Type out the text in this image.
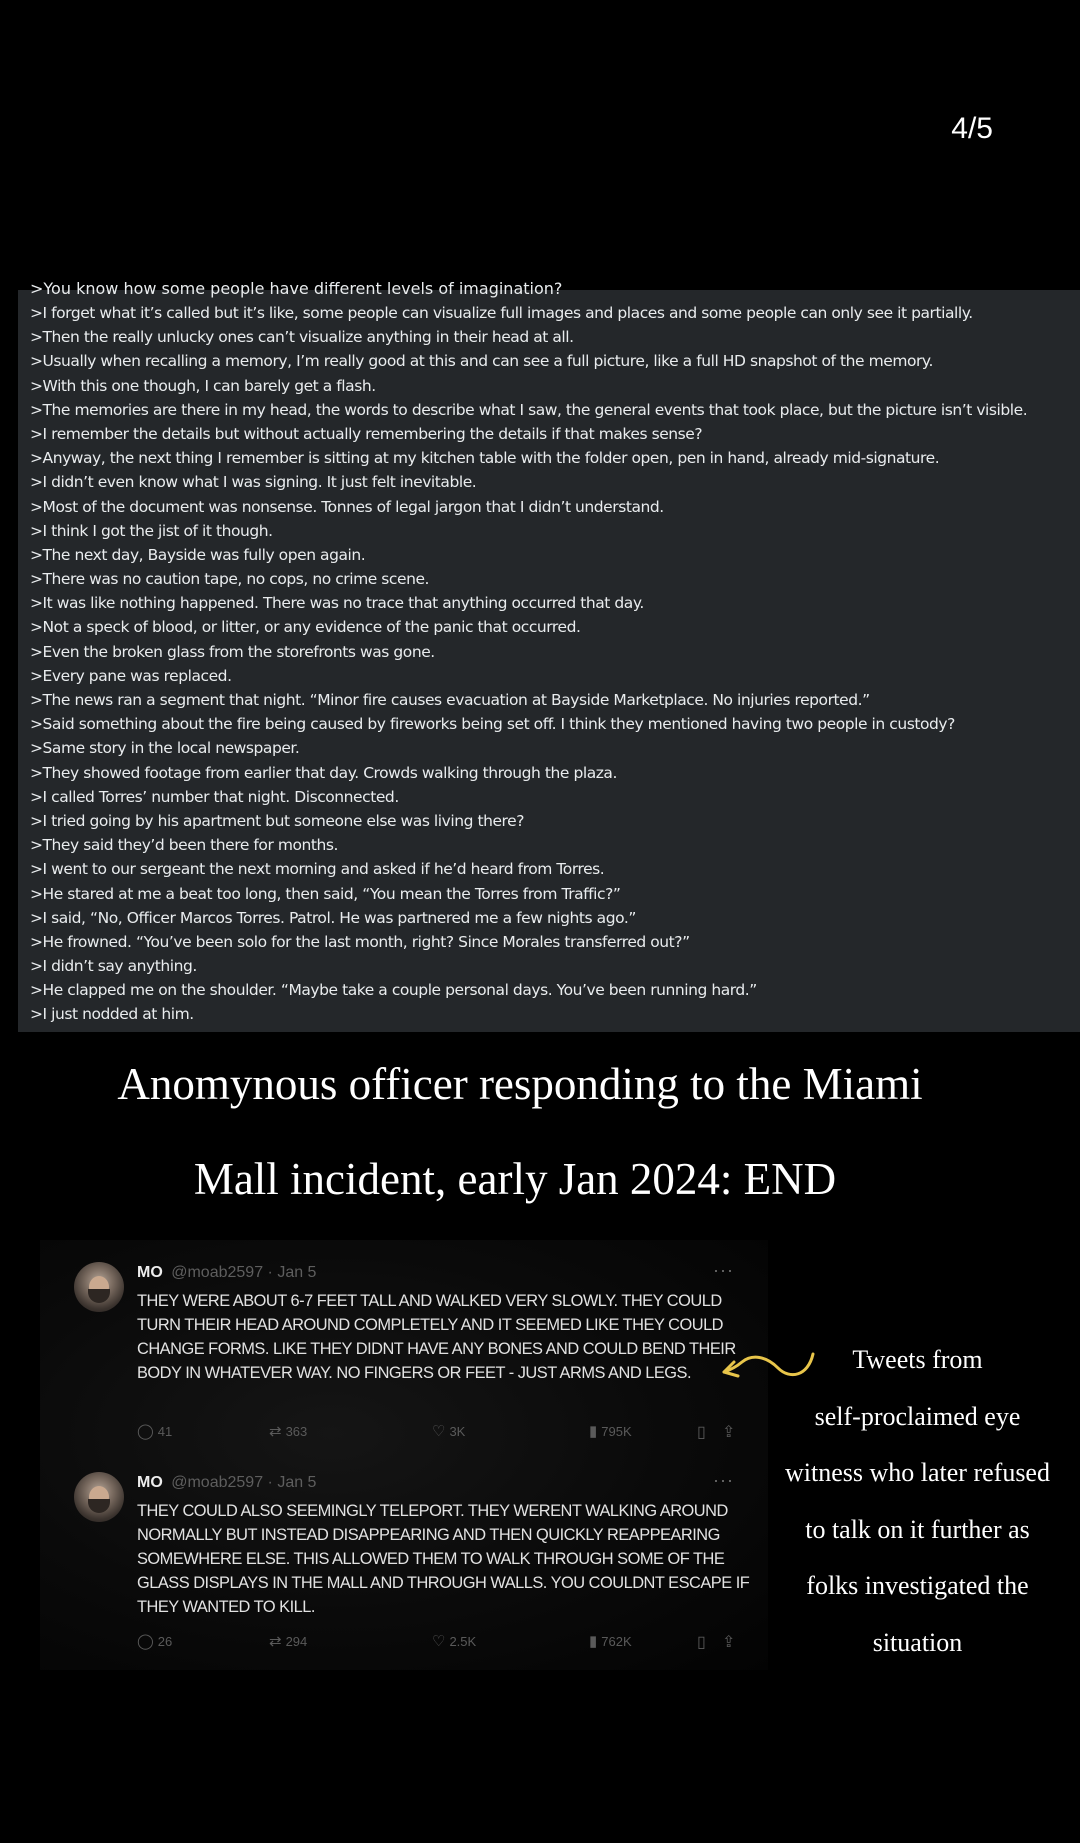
4/5
>You know how some people have different levels of imagination?
>I forget what it’s called but it’s like, some people can visualize full images and places and some people can only see it partially.
>Then the really unlucky ones can’t visualize anything in their head at all.
>Usually when recalling a memory, I’m really good at this and can see a full picture, like a full HD snapshot of the memory.
>With this one though, I can barely get a flash.
>The memories are there in my head, the words to describe what I saw, the general events that took place, but the picture isn’t visible.
>I remember the details but without actually remembering the details if that makes sense?
>Anyway, the next thing I remember is sitting at my kitchen table with the folder open, pen in hand, already mid-signature.
>I didn’t even know what I was signing. It just felt inevitable.
>Most of the document was nonsense. Tonnes of legal jargon that I didn’t understand.
>I think I got the jist of it though.
>The next day, Bayside was fully open again.
>There was no caution tape, no cops, no crime scene.
>It was like nothing happened. There was no trace that anything occurred that day.
>Not a speck of blood, or litter, or any evidence of the panic that occurred.
>Even the broken glass from the storefronts was gone.
>Every pane was replaced.
>The news ran a segment that night. “Minor fire causes evacuation at Bayside Marketplace. No injuries reported.”
>Said something about the fire being caused by fireworks being set off. I think they mentioned having two people in custody?
>Same story in the local newspaper.
>They showed footage from earlier that day. Crowds walking through the plaza.
>I called Torres’ number that night. Disconnected.
>I tried going by his apartment but someone else was living there?
>They said they’d been there for months.
>I went to our sergeant the next morning and asked if he’d heard from Torres.
>He stared at me a beat too long, then said, “You mean the Torres from Traffic?”
>I said, “No, Officer Marcos Torres. Patrol. He was partnered me a few nights ago.”
>He frowned. “You’ve been solo for the last month, right? Since Morales transferred out?”
>I didn’t say anything.
>He clapped me on the shoulder. “Maybe take a couple personal days. You’ve been running hard.”
>I just nodded at him.
Anomynous officer responding to the Miami
Mall incident, early Jan 2024: END
MO @moab2597 · Jan 5	···
THEY WERE ABOUT 6-7 FEET TALL AND WALKED VERY SLOWLY. THEY COULD TURN THEIR HEAD AROUND COMPLETELY AND IT SEEMED LIKE THEY COULD CHANGE FORMS. LIKE THEY DIDNT HAVE ANY BONES AND COULD BEND THEIR BODY IN WHATEVER WAY. NO FINGERS OR FEET - JUST ARMS AND LEGS.
◯ 41	⇄ 363	♡ 3K	▮ 795K	▯ ⇪
MO @moab2597 · Jan 5	···
THEY COULD ALSO SEEMINGLY TELEPORT. THEY WERENT WALKING AROUND NORMALLY BUT INSTEAD DISAPPEARING AND THEN QUICKLY REAPPEARING SOMEWHERE ELSE. THIS ALLOWED THEM TO WALK THROUGH SOME OF THE GLASS DISPLAYS IN THE MALL AND THROUGH WALLS. YOU COULDNT ESCAPE IF THEY WANTED TO KILL.
◯ 26	⇄ 294	♡ 2.5K	▮ 762K	▯ ⇪
Tweets from
self-proclaimed eye
witness who later refused
to talk on it further as
folks investigated the
situation
